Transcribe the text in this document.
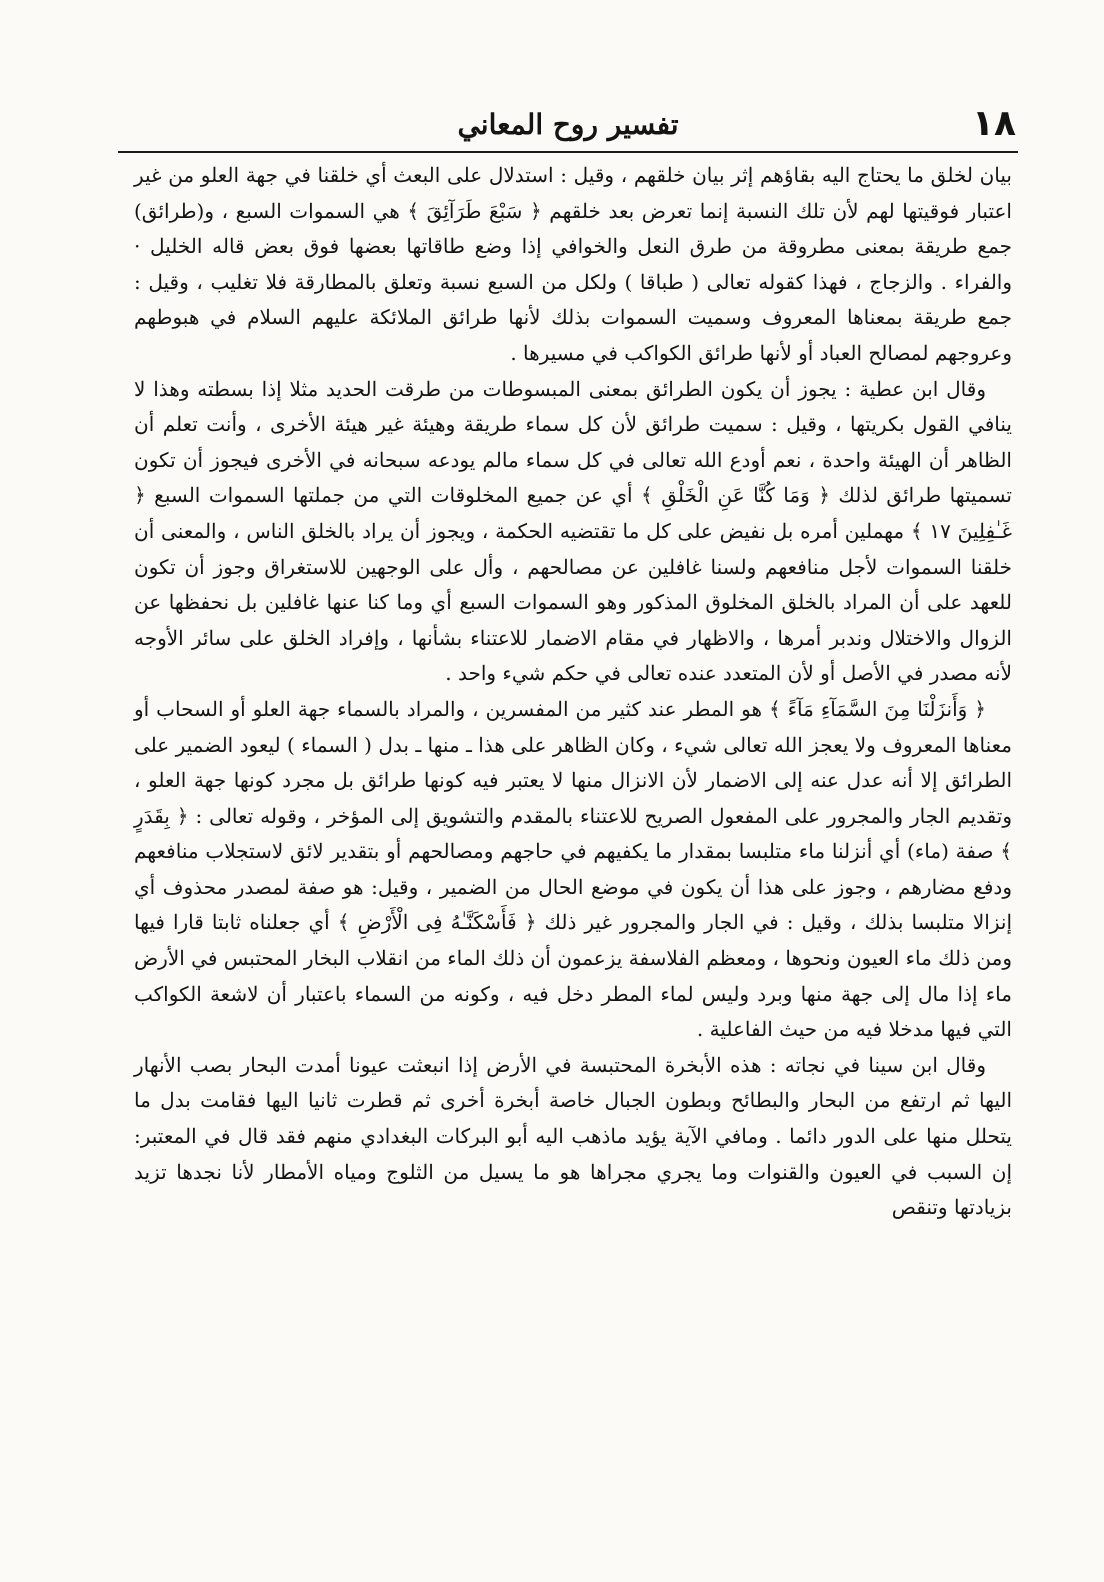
١٨
تفسير روح المعاني

بيان لخلق ما يحتاج اليه بقاؤهم إثر بيان خلقهم ، وقيل : استدلال على البعث أي خلقنا في جهة العلو من غير اعتبار فوقيتها لهم لأن تلك النسبة إنما تعرض بعد خلقهم ﴿ سَبْعَ طَرَآئِقَ ﴾ هي السموات السبع ، و(طرائق) جمع طريقة بمعنى مطروقة من طرق النعل والخوافي إذا وضع طاقاتها بعضها فوق بعض قاله الخليل · والفراء . والزجاج ، فهذا كقوله تعالى ( طباقا ) ولكل من السبع نسبة وتعلق بالمطارقة فلا تغليب ، وقيل : جمع طريقة بمعناها المعروف وسميت السموات بذلك لأنها طرائق الملائكة عليهم السلام في هبوطهم وعروجهم لمصالح العباد أو لأنها طرائق الكواكب في مسيرها .

وقال ابن عطية : يجوز أن يكون الطرائق بمعنى المبسوطات من طرقت الحديد مثلا إذا بسطته وهذا لا ينافي القول بكريتها ، وقيل : سميت طرائق لأن كل سماء طريقة وهيئة غير هيئة الأخرى ، وأنت تعلم أن الظاهر أن الهيئة واحدة ، نعم أودع الله تعالى في كل سماء مالم يودعه سبحانه في الأخرى فيجوز أن تكون تسميتها طرائق لذلك ﴿ وَمَا كُنَّا عَنِ الْخَلْقِ ﴾ أي عن جميع المخلوقات التي من جملتها السموات السبع ﴿ غَـٰفِلِينَ ١٧ ﴾ مهملين أمره بل نفيض على كل ما تقتضيه الحكمة ، ويجوز أن يراد بالخلق الناس ، والمعنى أن خلقنا السموات لأجل منافعهم ولسنا غافلين عن مصالحهم ، وأل على الوجهين للاستغراق وجوز أن تكون للعهد على أن المراد بالخلق المخلوق المذكور وهو السموات السبع أي وما كنا عنها غافلين بل نحفظها عن الزوال والاختلال وندبر أمرها ، والاظهار في مقام الاضمار للاعتناء بشأنها ، وإفراد الخلق على سائر الأوجه لأنه مصدر في الأصل أو لأن المتعدد عنده تعالى في حكم شيء واحد .

﴿ وَأَنزَلْنَا مِنَ السَّمَآءِ مَآءً ﴾ هو المطر عند كثير من المفسرين ، والمراد بالسماء جهة العلو أو السحاب أو معناها المعروف ولا يعجز الله تعالى شيء ، وكان الظاهر على هذا ـ منها ـ بدل ( السماء ) ليعود الضمير على الطرائق إلا أنه عدل عنه إلى الاضمار لأن الانزال منها لا يعتبر فيه كونها طرائق بل مجرد كونها جهة العلو ، وتقديم الجار والمجرور على المفعول الصريح للاعتناء بالمقدم والتشويق إلى المؤخر ، وقوله تعالى : ﴿ بِقَدَرٍ ﴾ صفة (ماء) أي أنزلنا ماء متلبسا بمقدار ما يكفيهم في حاجهم ومصالحهم أو بتقدير لائق لاستجلاب منافعهم ودفع مضارهم ، وجوز على هذا أن يكون في موضع الحال من الضمير ، وقيل: هو صفة لمصدر محذوف أي إنزالا متلبسا بذلك ، وقيل : في الجار والمجرور غير ذلك ﴿ فَأَسْكَنَّـٰهُ فِى الْأَرْضِ ﴾ أي جعلناه ثابتا قارا فيها ومن ذلك ماء العيون ونحوها ، ومعظم الفلاسفة يزعمون أن ذلك الماء من انقلاب البخار المحتبس في الأرض ماء إذا مال إلى جهة منها وبرد وليس لماء المطر دخل فيه ، وكونه من السماء باعتبار أن لاشعة الكواكب التي فيها مدخلا فيه من حيث الفاعلية .

وقال ابن سينا في نجاته : هذه الأبخرة المحتبسة في الأرض إذا انبعثت عيونا أمدت البحار بصب الأنهار اليها ثم ارتفع من البحار والبطائح وبطون الجبال خاصة أبخرة أخرى ثم قطرت ثانيا اليها فقامت بدل ما يتحلل منها على الدور دائما . ومافي الآية يؤيد ماذهب اليه أبو البركات البغدادي منهم فقد قال في المعتبر: إن السبب في العيون والقنوات وما يجري مجراها هو ما يسيل من الثلوج ومياه الأمطار لأنا نجدها تزيد بزيادتها وتنقص
